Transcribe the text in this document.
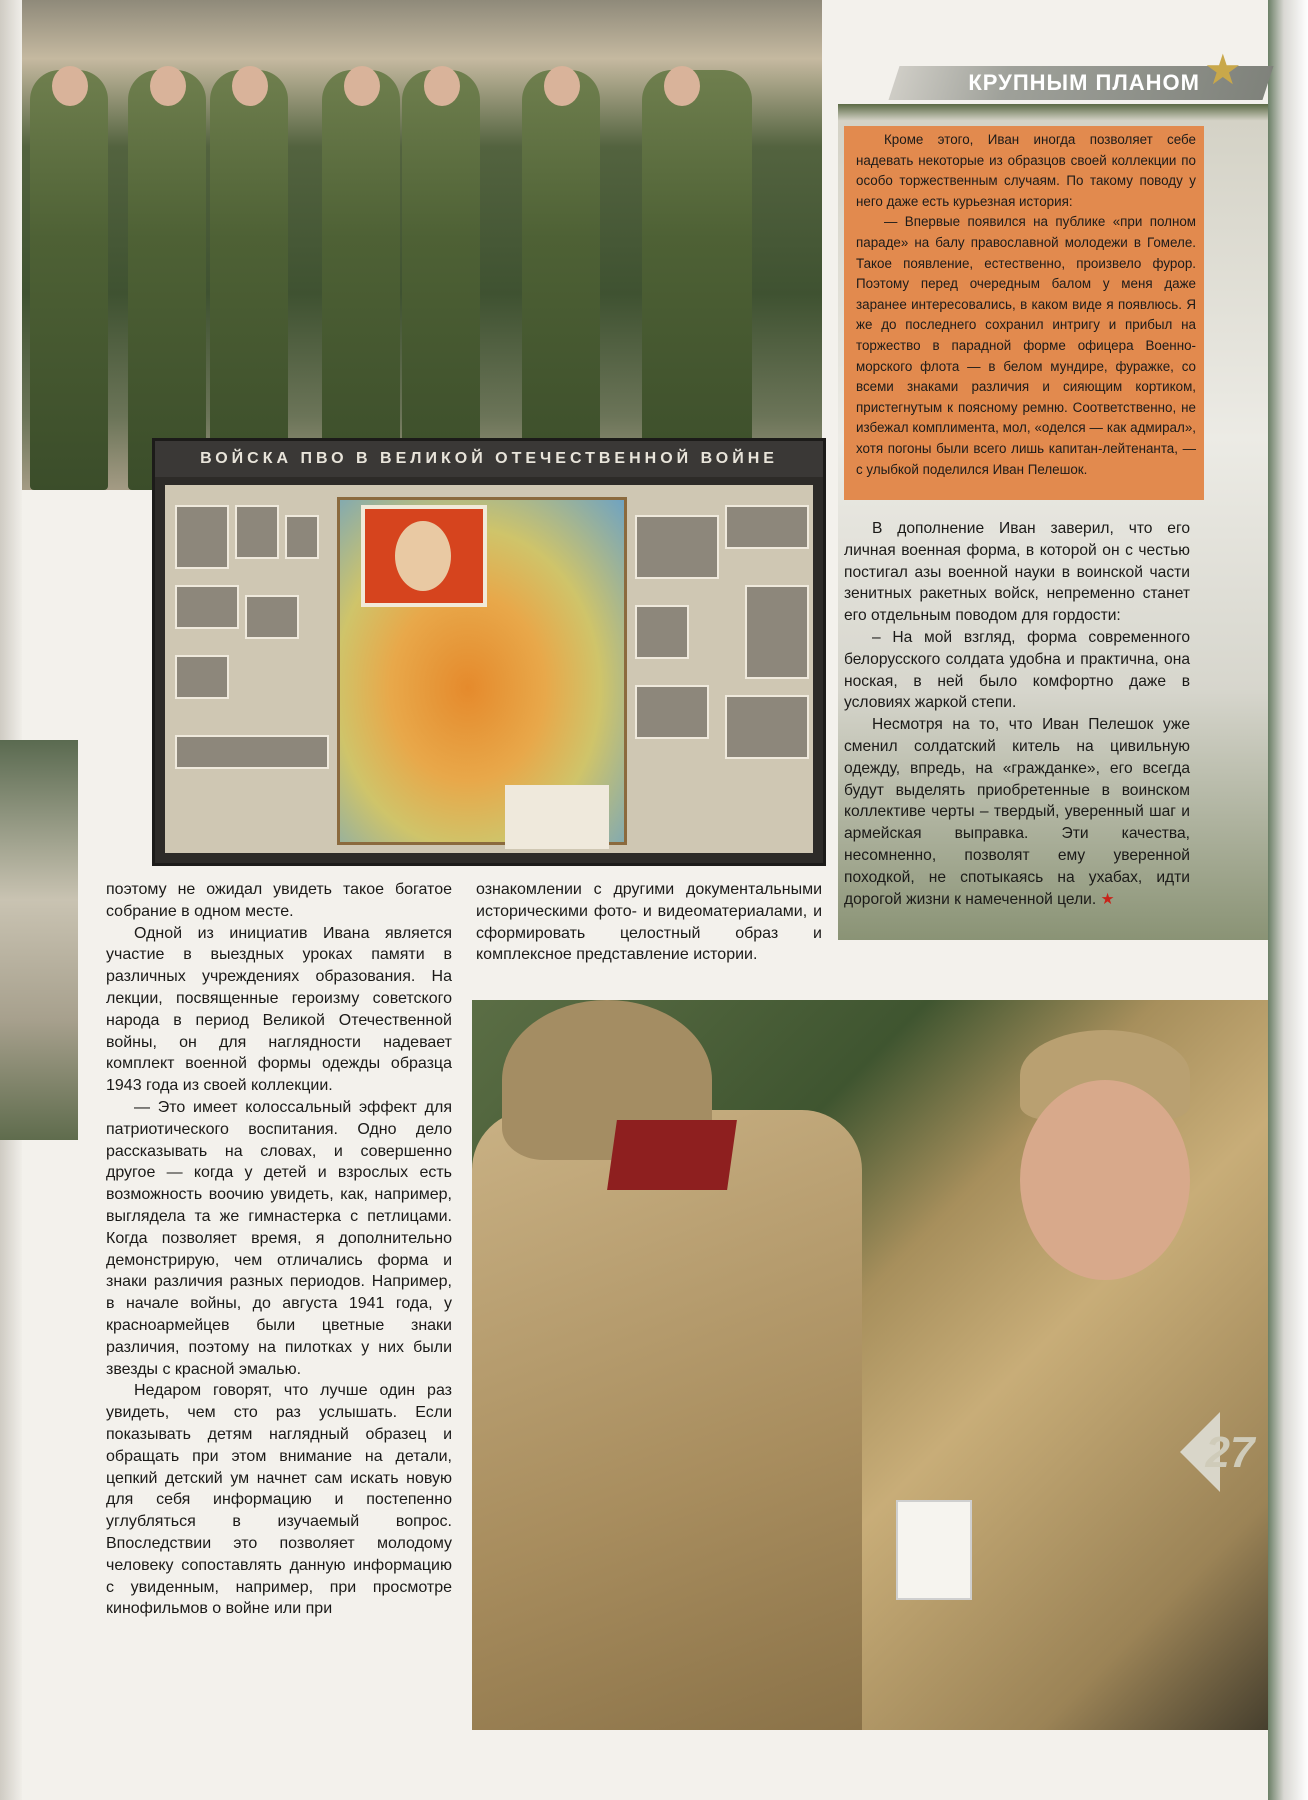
ВОЙСКА ПВО В ВЕЛИКОЙ ОТЕЧЕСТВЕННОЙ ВОЙНЕ
КРУПНЫМ ПЛАНОМ ★

Кроме этого, Иван иногда позволяет себе надевать некоторые из образцов своей коллекции по особо торжественным случаям. По такому поводу у него даже есть курьезная история:

— Впервые появился на публике «при полном параде» на балу православной молодежи в Гомеле. Такое появление, естественно, произвело фурор. Поэтому перед очередным балом у меня даже заранее интересовались, в каком виде я появлюсь. Я же до последнего сохранил интригу и прибыл на торжество в парадной форме офицера Военно-морского флота — в белом мундире, фуражке, со всеми знаками различия и сияющим кортиком, пристегнутым к поясному ремню. Соответственно, не избежал комплимента, мол, «оделся — как адмирал», хотя погоны были всего лишь капитан-лейтенанта, — с улыбкой поделился Иван Пелешок.

В дополнение Иван заверил, что его личная военная форма, в которой он с честью постигал азы военной науки в воинской части зенитных ракетных войск, непременно станет его отдельным поводом для гордости:

– На мой взгляд, форма современного белорусского солдата удобна и практична, она ноская, в ней было комфортно даже в условиях жаркой степи.

Несмотря на то, что Иван Пелешок уже сменил солдатский китель на цивильную одежду, впредь, на «гражданке», его всегда будут выделять приобретенные в воинском коллективе черты – твердый, уверенный шаг и армейская выправка. Эти качества, несомненно, позволят ему уверенной походкой, не спотыкаясь на ухабах, идти дорогой жизни к намеченной цели. ★

поэтому не ожидал увидеть такое богатое собрание в одном месте.

Одной из инициатив Ивана является участие в выездных уроках памяти в различных учреждениях образования. На лекции, посвященные героизму советского народа в период Великой Отечественной войны, он для наглядности надевает комплект военной формы одежды образца 1943 года из своей коллекции.

— Это имеет колоссальный эффект для патриотического воспитания. Одно дело рассказывать на словах, и совершенно другое — когда у детей и взрослых есть возможность воочию увидеть, как, например, выглядела та же гимнастерка с петлицами. Когда позволяет время, я дополнительно демонстрирую, чем отличались форма и знаки различия разных периодов. Например, в начале войны, до августа 1941 года, у красноармейцев были цветные знаки различия, поэтому на пилотках у них были звезды с красной эмалью.

Недаром говорят, что лучше один раз увидеть, чем сто раз услышать. Если показывать детям наглядный образец и обращать при этом внимание на детали, цепкий детский ум начнет сам искать новую для себя информацию и постепенно углубляться в изучаемый вопрос. Впоследствии это позволяет молодому человеку сопоставлять данную информацию с увиденным, например, при просмотре кинофильмов о войне или при

ознакомлении с другими документальными историческими фото- и видеоматериалами, и сформировать целостный образ и комплексное представление истории.

27
